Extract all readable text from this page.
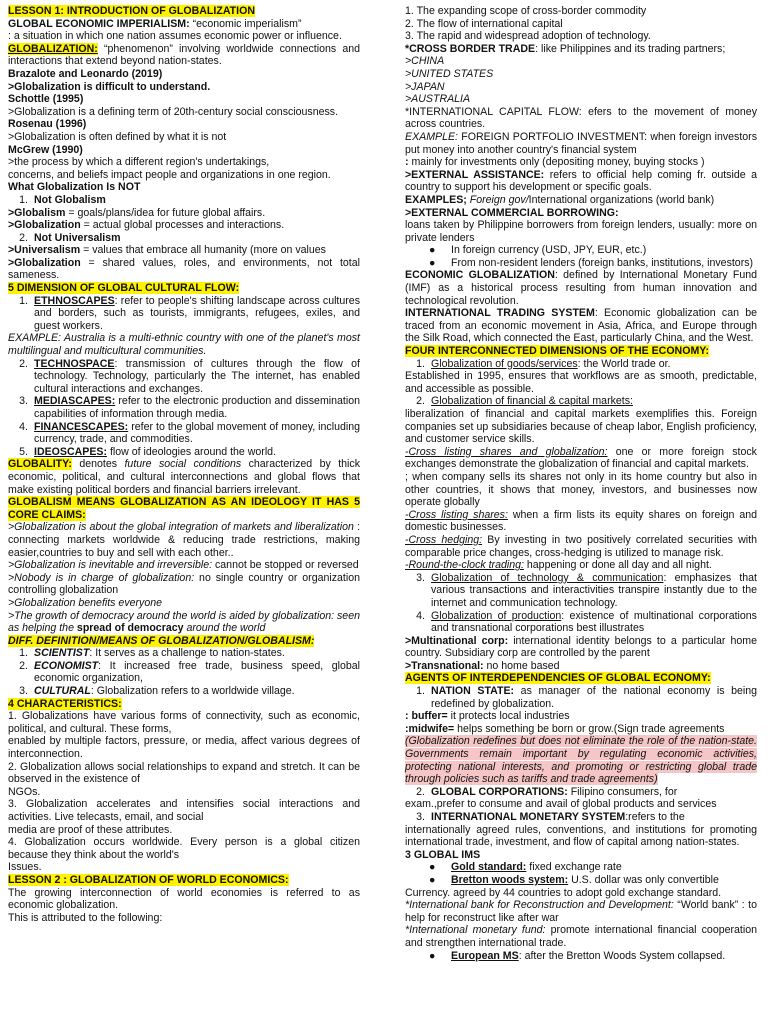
LESSON 1: INTRODUCTION OF GLOBALIZATION

GLOBAL ECONOMIC IMPERIALISM: “economic imperialism”

: a situation in which one nation assumes economic power or influence.

GLOBALIZATION: “phenomenon” involving worldwide connections and interactions that extend beyond nation-states.

Brazalote and Leonardo (2019)

>Globalization is difficult to understand.

Schottle (1995)

>Globalization is a defining term of 20th-century social consciousness.

Rosenau (1996)

>Globalization is often defined by what it is not

McGrew (1990)

>the process by which a different region's undertakings,

concerns, and beliefs impact people and organizations in one region.

What Globalization Is NOT

1. Not Globalism

>Globalism = goals/plans/idea for future global affairs.

>Globalization = actual global processes and interactions.

2. Not Universalism

>Universalism = values that embrace all humanity (more on values

>Globalization = shared values, roles, and environments, not total sameness.

5 DIMENSION OF GLOBAL CULTURAL FLOW:

1. ETHNOSCAPES: refer to people's shifting landscape across cultures and borders, such as tourists, immigrants, refugees, exiles, and guest workers.

EXAMPLE: Australia is a multi-ethnic country with one of the planet's most multilingual and multicultural communities.

2. TECHNOSPACE: transmission of cultures through the flow of technology. Technology, particularly the The internet, has enabled cultural interactions and exchanges.

3. MEDIASCAPES: refer to the electronic production and dissemination capabilities of information through media.

4. FINANCESCAPES: refer to the global movement of money, including currency, trade, and commodities.

5. IDEOSCAPES: flow of ideologies around the world.

GLOBALITY: denotes future social conditions characterized by thick economic, political, and cultural interconnections and global flows that make existing political borders and financial barriers irrelevant.

GLOBALISM MEANS GLOBALIZATION AS AN IDEOLOGY IT HAS 5 CORE CLAIMS:

>Globalization is about the global integration of markets and liberalization : connecting markets worldwide & reducing trade restrictions, making easier,countries to buy and sell with each other..

>Globalization is inevitable and irreversible: cannot be stopped or reversed

>Nobody is in charge of globalization: no single country or organization controlling globalization

>Globalization benefits everyone

>The growth of democracy around the world is aided by globalization: seen as helping the spread of democracy around the world

DIFF. DEFINITION/MEANS OF GLOBALIZATION/GLOBALISM:

1. SCIENTIST: It serves as a challenge to nation-states.

2. ECONOMIST: It increased free trade, business speed, global economic organization,

3. CULTURAL: Globalization refers to a worldwide village.

4 CHARACTERISTICS:

1. Globalizations have various forms of connectivity, such as economic, political, and cultural. These forms,

enabled by multiple factors, pressure, or media, affect various degrees of interconnection.

2. Globalization allows social relationships to expand and stretch. It can be observed in the existence of

NGOs.

3. Globalization accelerates and intensifies social interactions and activities. Live telecasts, email, and social

media are proof of these attributes.

4. Globalization occurs worldwide. Every person is a global citizen because they think about the world's

Issues.

LESSON 2 : GLOBALIZATION OF WORLD ECONOMICS:

The growing interconnection of world economies is referred to as economic globalization.

This is attributed to the following:

1. The expanding scope of cross-border commodity

2. The flow of international capital

3. The rapid and widespread adoption of technology.

*CROSS BORDER TRADE: like Philippines and its trading partners;

>CHINA>UNITED STATES

>JAPAN>AUSTRALIA

*INTERNATIONAL CAPITAL FLOW: efers to the movement of money across countries.

EXAMPLE: FOREIGN PORTFOLIO INVESTMENT: when foreign investors put money into another country's financial system

: mainly for investments only (depositing money, buying stocks )

>EXTERNAL ASSISTANCE: refers to official help coming fr. outside a country to support his development or specific goals.

EXAMPLES; Foreign gov/International organizations (world bank)

>EXTERNAL COMMERCIAL BORROWING:

loans taken by Philippine borrowers from foreign lenders, usually: more on private lenders

● In foreign currency (USD, JPY, EUR, etc.)

● From non-resident lenders (foreign banks, institutions, investors)

ECONOMIC GLOBALIZATION: defined by International Monetary Fund (IMF) as a historical process resulting from human innovation and technological revolution.

INTERNATIONAL TRADING SYSTEM: Economic globalization can be traced from an economic movement in Asia, Africa, and Europe through the Silk Road, which connected the East, particularly China, and the West.

FOUR INTERCONNECTED DIMENSIONS OF THE ECONOMY:

1. Globalization of goods/services: the World trade or.

Established in 1995, ensures that workflows are as smooth, predictable, and accessible as possible.

2. Globalization of financial & capital markets:

liberalization of financial and capital markets exemplifies this. Foreign companies set up subsidiaries because of cheap labor, English proficiency, and customer service skills.

-Cross listing shares and globalization: one or more foreign stock exchanges demonstrate the globalization of financial and capital markets.

; when company sells its shares not only in its home country but also in other countries, it shows that money, investors, and businesses now operate globally

-Cross listing shares: when a firm lists its equity shares on foreign and domestic businesses.

-Cross hedging: By investing in two positively correlated securities with comparable price changes, cross-hedging is utilized to manage risk.

-Round-the-clock trading: happening or done all day and all night.

3. Globalization of technology & communication: emphasizes that various transactions and interactivities transpire instantly due to the internet and communication technology.

4. Globalization of production: existence of multinational corporations and transnational corporations best illustrates

>Multinational corp: international identity belongs to a particular home country. Subsidiary corp are controlled by the parent

>Transnational: no home based

AGENTS OF INTERDEPENDENCIES OF GLOBAL ECONOMY:

1. NATION STATE: as manager of the national economy is being redefined by globalization.

: buffer= it protects local industries

:midwife= helps something be born or grow.(Sign trade agreements

(Globalization redefines but does not eliminate the role of the nation-state. Governments remain important by regulating economic activities, protecting national interests, and promoting or restricting global trade through policies such as tariffs and trade agreements)

2. GLOBAL CORPORATIONS: Filipino consumers, for

exam.,prefer to consume and avail of global products and services

3. INTERNATIONAL MONETARY SYSTEM:refers to the

internationally agreed rules, conventions, and institutions for promoting international trade, investment, and flow of capital among nation-states.

3 GLOBAL IMS

● Gold standard: fixed exchange rate

● Bretton woods system: U.S. dollar was only convertible

Currency. agreed by 44 countries to adopt gold exchange standard.

*International bank for Reconstruction and Development: “World bank” : to help for reconstruct like after war

*International monetary fund: promote international financial cooperation and strengthen international trade.

● European MS: after the Bretton Woods System collapsed.
